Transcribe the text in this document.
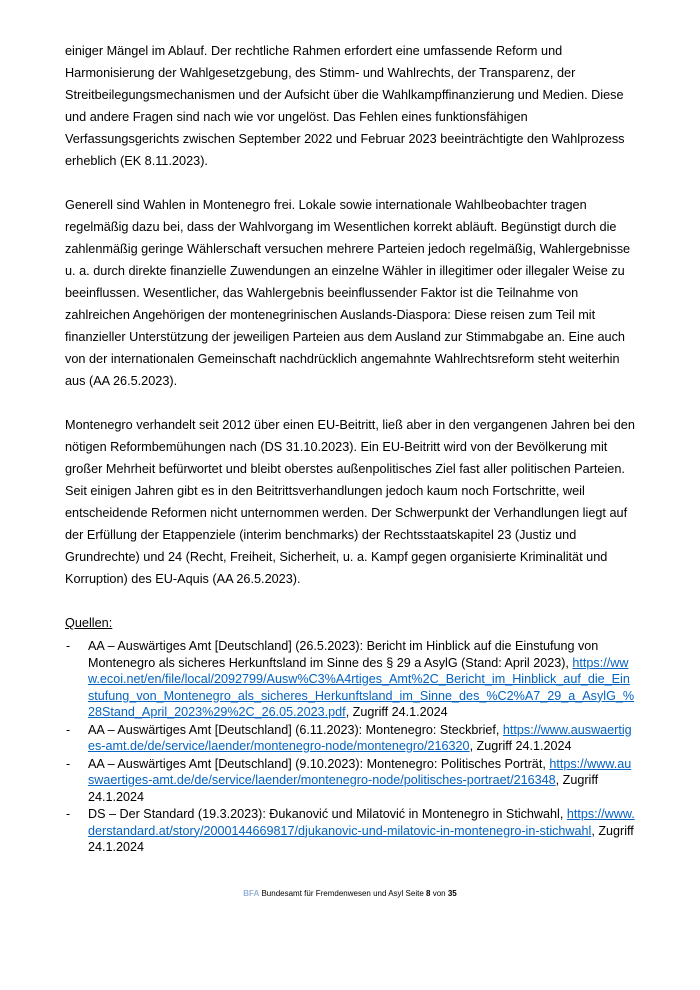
einiger Mängel im Ablauf. Der rechtliche Rahmen erfordert eine umfassende Reform und Harmonisierung der Wahlgesetzgebung, des Stimm- und Wahlrechts, der Transparenz, der Streitbeilegungsmechanismen und der Aufsicht über die Wahlkampffinanzierung und Medien. Diese und andere Fragen sind nach wie vor ungelöst. Das Fehlen eines funktionsfähigen Verfassungsgerichts zwischen September 2022 und Februar 2023 beeinträchtigte den Wahlprozess erheblich (EK 8.11.2023).

Generell sind Wahlen in Montenegro frei. Lokale sowie internationale Wahlbeobachter tragen regelmäßig dazu bei, dass der Wahlvorgang im Wesentlichen korrekt abläuft. Begünstigt durch die zahlenmäßig geringe Wählerschaft versuchen mehrere Parteien jedoch regelmäßig, Wahlergebnisse u. a. durch direkte finanzielle Zuwendungen an einzelne Wähler in illegitimer oder illegaler Weise zu beeinflussen. Wesentlicher, das Wahlergebnis beeinflussender Faktor ist die Teilnahme von zahlreichen Angehörigen der montenegrinischen Auslands-Diaspora: Diese reisen zum Teil mit finanzieller Unterstützung der jeweiligen Parteien aus dem Ausland zur Stimmabgabe an. Eine auch von der internationalen Gemeinschaft nachdrücklich angemahnte Wahlrechtsreform steht weiterhin aus (AA 26.5.2023).

Montenegro verhandelt seit 2012 über einen EU-Beitritt, ließ aber in den vergangenen Jahren bei den nötigen Reformbemühungen nach (DS 31.10.2023). Ein EU-Beitritt wird von der Bevölkerung mit großer Mehrheit befürwortet und bleibt oberstes außenpolitisches Ziel fast aller politischen Parteien. Seit einigen Jahren gibt es in den Beitrittsverhandlungen jedoch kaum noch Fortschritte, weil entscheidende Reformen nicht unternommen werden. Der Schwerpunkt der Verhandlungen liegt auf der Erfüllung der Etappenziele (interim benchmarks) der Rechtsstaatskapitel 23 (Justiz und Grundrechte) und 24 (Recht, Freiheit, Sicherheit, u. a. Kampf gegen organisierte Kriminalität und Korruption) des EU-Aquis (AA 26.5.2023).

Quellen:

- AA – Auswärtiges Amt [Deutschland] (26.5.2023): Bericht im Hinblick auf die Einstufung von Montenegro als sicheres Herkunftsland im Sinne des § 29 a AsylG (Stand: April 2023), https://www.ecoi.net/en/file/local/2092799/Ausw%C3%A4rtiges_Amt%2C_Bericht_im_Hinblick_auf_die_Einstufung_von_Montenegro_als_sicheres_Herkunftsland_im_Sinne_des_%C2%A7_29_a_AsylG_%28Stand_April_2023%29%2C_26.05.2023.pdf, Zugriff 24.1.2024
- AA – Auswärtiges Amt [Deutschland] (6.11.2023): Montenegro: Steckbrief, https://www.auswaertiges-amt.de/de/service/laender/montenegro-node/montenegro/216320, Zugriff 24.1.2024
- AA – Auswärtiges Amt [Deutschland] (9.10.2023): Montenegro: Politisches Porträt, https://www.auswaertiges-amt.de/de/service/laender/montenegro-node/politisches-portraet/216348, Zugriff 24.1.2024
- DS – Der Standard (19.3.2023): Đukanović und Milatović in Montenegro in Stichwahl, https://www.derstandard.at/story/2000144669817/djukanovic-und-milatovic-in-montenegro-in-stichwahl, Zugriff 24.1.2024
BFA Bundesamt für Fremdenwesen und Asyl Seite 8 von 35
